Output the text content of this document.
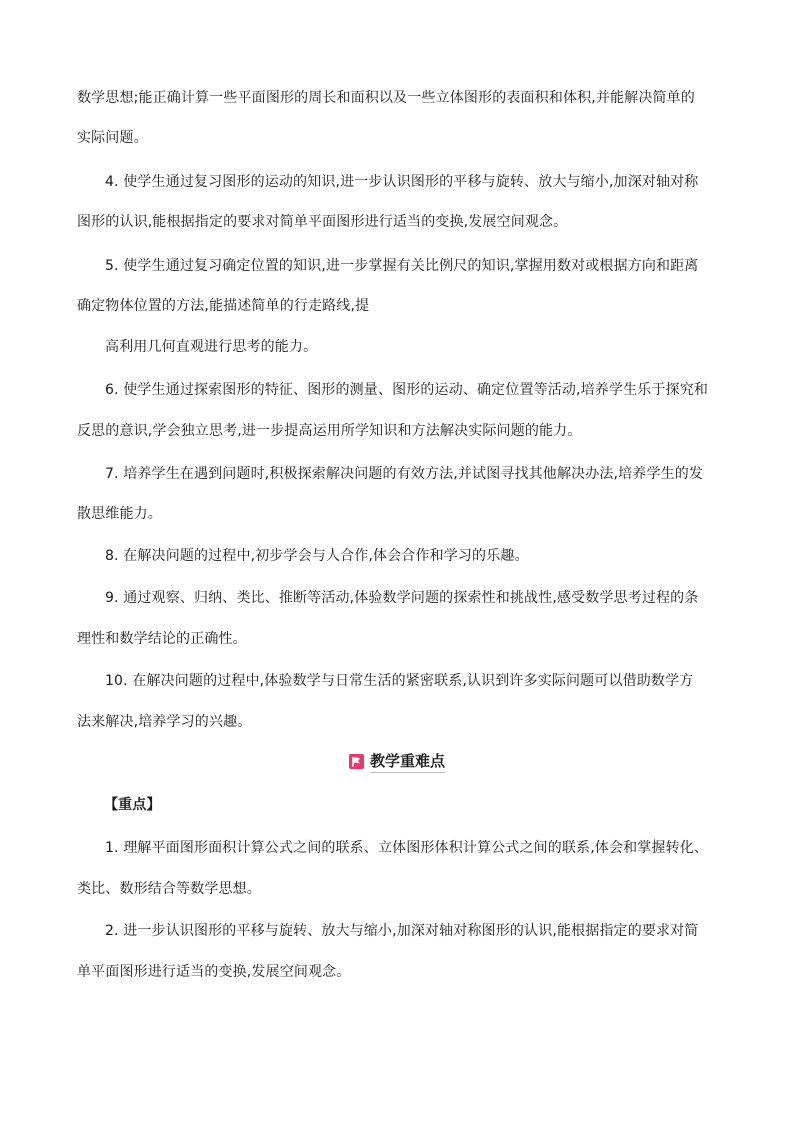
数学思想;能正确计算一些平面图形的周长和面积以及一些立体图形的表面积和体积,并能解决简单的
实际问题。
4. 使学生通过复习图形的运动的知识,进一步认识图形的平移与旋转、放大与缩小,加深对轴对称
图形的认识,能根据指定的要求对简单平面图形进行适当的变换,发展空间观念。
5. 使学生通过复习确定位置的知识,进一步掌握有关比例尺的知识,掌握用数对或根据方向和距离
确定物体位置的方法,能描述简单的行走路线,提
高利用几何直观进行思考的能力。
6. 使学生通过探索图形的特征、图形的测量、图形的运动、确定位置等活动,培养学生乐于探究和
反思的意识,学会独立思考,进一步提高运用所学知识和方法解决实际问题的能力。
7. 培养学生在遇到问题时,积极探索解决问题的有效方法,并试图寻找其他解决办法,培养学生的发
散思维能力。
8. 在解决问题的过程中,初步学会与人合作,体会合作和学习的乐趣。
9. 通过观察、归纳、类比、推断等活动,体验数学问题的探索性和挑战性,感受数学思考过程的条
理性和数学结论的正确性。
10. 在解决问题的过程中,体验数学与日常生活的紧密联系,认识到许多实际问题可以借助数学方
法来解决,培养学习的兴趣。
教学重难点
【重点】
1. 理解平面图形面积计算公式之间的联系、立体图形体积计算公式之间的联系,体会和掌握转化、
类比、数形结合等数学思想。
2. 进一步认识图形的平移与旋转、放大与缩小,加深对轴对称图形的认识,能根据指定的要求对简
单平面图形进行适当的变换,发展空间观念。
